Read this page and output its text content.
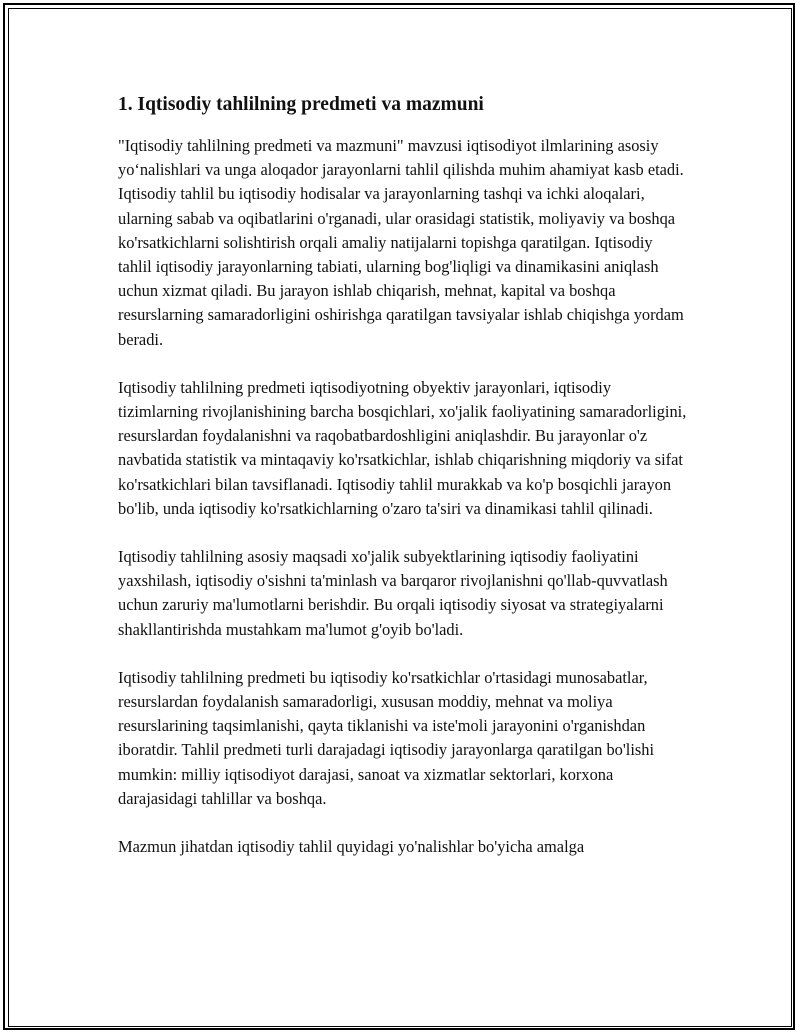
1. Iqtisodiy tahlilning predmeti va mazmuni

"Iqtisodiy tahlilning predmeti va mazmuni" mavzusi iqtisodiyot ilmlarining asosiy yo‘nalishlari va unga aloqador jarayonlarni tahlil qilishda muhim ahamiyat kasb etadi. Iqtisodiy tahlil bu iqtisodiy hodisalar va jarayonlarning tashqi va ichki aloqalari, ularning sabab va oqibatlarini o'rganadi, ular orasidagi statistik, moliyaviy va boshqa ko'rsatkichlarni solishtirish orqali amaliy natijalarni topishga qaratilgan. Iqtisodiy tahlil iqtisodiy jarayonlarning tabiati, ularning bog'liqligi va dinamikasini aniqlash uchun xizmat qiladi. Bu jarayon ishlab chiqarish, mehnat, kapital va boshqa resurslarning samaradorligini oshirishga qaratilgan tavsiyalar ishlab chiqishga yordam beradi.

Iqtisodiy tahlilning predmeti iqtisodiyotning obyektiv jarayonlari, iqtisodiy tizimlarning rivojlanishining barcha bosqichlari, xo'jalik faoliyatining samaradorligini, resurslardan foydalanishni va raqobatbardoshligini aniqlashdir. Bu jarayonlar o'z navbatida statistik va mintaqaviy ko'rsatkichlar, ishlab chiqarishning miqdoriy va sifat ko'rsatkichlari bilan tavsiflanadi. Iqtisodiy tahlil murakkab va ko'p bosqichli jarayon bo'lib, unda iqtisodiy ko'rsatkichlarning o'zaro ta'siri va dinamikasi tahlil qilinadi.

Iqtisodiy tahlilning asosiy maqsadi xo'jalik subyektlarining iqtisodiy faoliyatini yaxshilash, iqtisodiy o'sishni ta'minlash va barqaror rivojlanishni qo'llab-quvvatlash uchun zaruriy ma'lumotlarni berishdir. Bu orqali iqtisodiy siyosat va strategiyalarni shakllantirishda mustahkam ma'lumot g'oyib bo'ladi.

Iqtisodiy tahlilning predmeti bu iqtisodiy ko'rsatkichlar o'rtasidagi munosabatlar, resurslardan foydalanish samaradorligi, xususan moddiy, mehnat va moliya resurslarining taqsimlanishi, qayta tiklanishi va iste'moli jarayonini o'rganishdan iboratdir. Tahlil predmeti turli darajadagi iqtisodiy jarayonlarga qaratilgan bo'lishi mumkin: milliy iqtisodiyot darajasi, sanoat va xizmatlar sektorlari, korxona darajasidagi tahlillar va boshqa.

Mazmun jihatdan iqtisodiy tahlil quyidagi yo'nalishlar bo'yicha amalga
